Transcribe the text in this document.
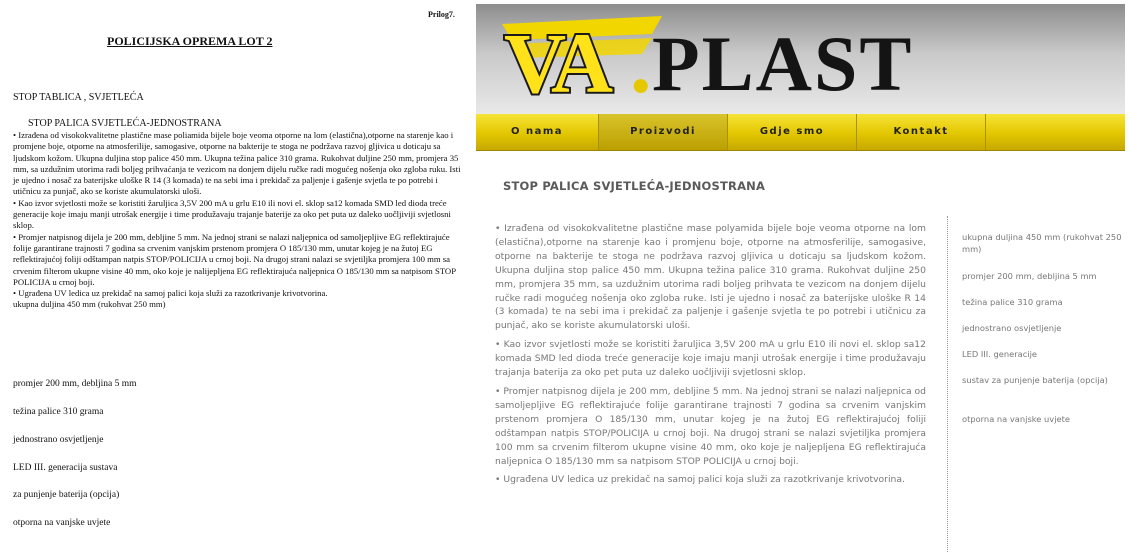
Prilog7.
POLICIJSKA OPREMA LOT 2
STOP TABLICA , SVJETLEĆA
STOP PALICA SVJETLEĆA-JEDNOSTRANA

• Izrađena od visokokvalitetne plastične mase poliamida bijele boje veoma otporne na lom (elastična),otporne na starenje kao i promjene boje, otporne na atmosferilije, samogasive, otporne na bakterije te stoga ne podržava razvoj gljivica u doticaju sa ljudskom kožom. Ukupna duljina stop palice 450 mm. Ukupna težina palice 310 grama. Rukohvat duljine 250 mm, promjera 35 mm, sa uzdužnim utorima radi boljeg prihvaćanja te vezicom na donjem dijelu ručke radi mogućeg nošenja oko zgloba ruku. Isti je ujedno i nosač za baterijske uloške R 14 (3 komada) te na sebi ima i prekidač za paljenje i gašenje svjetla te po potrebi i utičnicu za punjač, ako se koriste akumulatorski uloši.

• Kao izvor svjetlosti može se koristiti žarulјica 3,5V 200 mA u grlu E10 ili novi el. sklop sa12 komada SMD led dioda treće generacije koje imaju manji utrošak energije i time produžavaju trajanje baterije za oko pet puta uz daleko uočljiviji svjetlosni sklop.

• Promjer natpisnog dijela je 200 mm, debljine 5 mm. Na jednoj strani se nalazi naljepnica od samoljepljive EG reflektirajuće folije garantirane trajnosti 7 godina sa crvenim vanjskim prstenom promjera O 185/130 mm, unutar kojeg je na žutoj EG reflektirajućoj foliji odštampan natpis STOP/POLICIJA u crnoj boji. Na drugoj strani nalazi se svjetiljka promjera 100 mm sa crvenim filterom ukupne visine 40 mm, oko koje je nalijepljena EG reflektirajuća naljepnica O 185/130 mm sa natpisom STOP POLICIJA u crnoj boji.

• Ugrađena UV ledica uz prekidač na samoj palici koja služi za razotkrivanje krivotvorina.

ukupna duljina 450 mm (rukohvat 250 mm)

promjer 200 mm, debljina 5 mm
težina palice 310 grama
jednostrano osvjetljenje
LED III. generacija sustava
za punjenje baterija (opcija)
otporna na vanjske uvjete
VA . PLAST
O nama	Proizvodi	Gdje smo	Kontakt
STOP PALICA SVJETLEĆA-JEDNOSTRANA

• Izrađena od visokokvalitetne plastične mase polyamida bijele boje veoma otporne na lom (elastična),otporne na starenje kao i promjenu boje, otporne na atmosferilije, samogasive, otporne na bakterije te stoga ne podržava razvoj gljivica u doticaju sa ljudskom kožom. Ukupna duljina stop palice 450 mm. Ukupna težina palice 310 grama. Rukohvat duljine 250 mm, promjera 35 mm, sa uzdužnim utorima radi boljeg prihvata te vezicom na donjem dijelu ručke radi mogućeg nošenja oko zgloba ruke. Isti je ujedno i nosač za baterijske uloške R 14 (3 komada) te na sebi ima i prekidač za paljenje i gašenje svjetla te po potrebi i utičnicu za punjač, ako se koriste akumulatorski uloši.

• Kao izvor svjetlosti može se koristiti žaruljica 3,5V 200 mA u grlu E10 ili novi el. sklop sa12 komada SMD led dioda treće generacije koje imaju manji utrošak energije i time produžavaju trajanja baterija za oko pet puta uz daleko uočljiviji svjetlosni sklop.

• Promjer natpisnog dijela je 200 mm, debljine 5 mm. Na jednoj strani se nalazi naljepnica od samoljepljive EG reflektirajuće folije garantirane trajnosti 7 godina sa crvenim vanjskim prstenom promjera O 185/130 mm, unutar kojeg je na žutoj EG reflektirajućoj foliji odštampan natpis STOP/POLICIJA u crnoj boji. Na drugoj strani se nalazi svjetiljka promjera 100 mm sa crvenim filterom ukupne visine 40 mm, oko koje je naljepljena EG reflektirajuća naljepnica O 185/130 mm sa natpisom STOP POLICIJA u crnoj boji.

• Ugrađena UV ledica uz prekidač na samoj palici koja služi za razotkrivanje krivotvorina.

ukupna duljina 450 mm (rukohvat 250 mm)
promjer 200 mm, debljina 5 mm
težina palice 310 grama
jednostrano osvjetljenje
LED III. generacije
sustav za punjenje baterija (opcija)
otporna na vanjske uvjete
